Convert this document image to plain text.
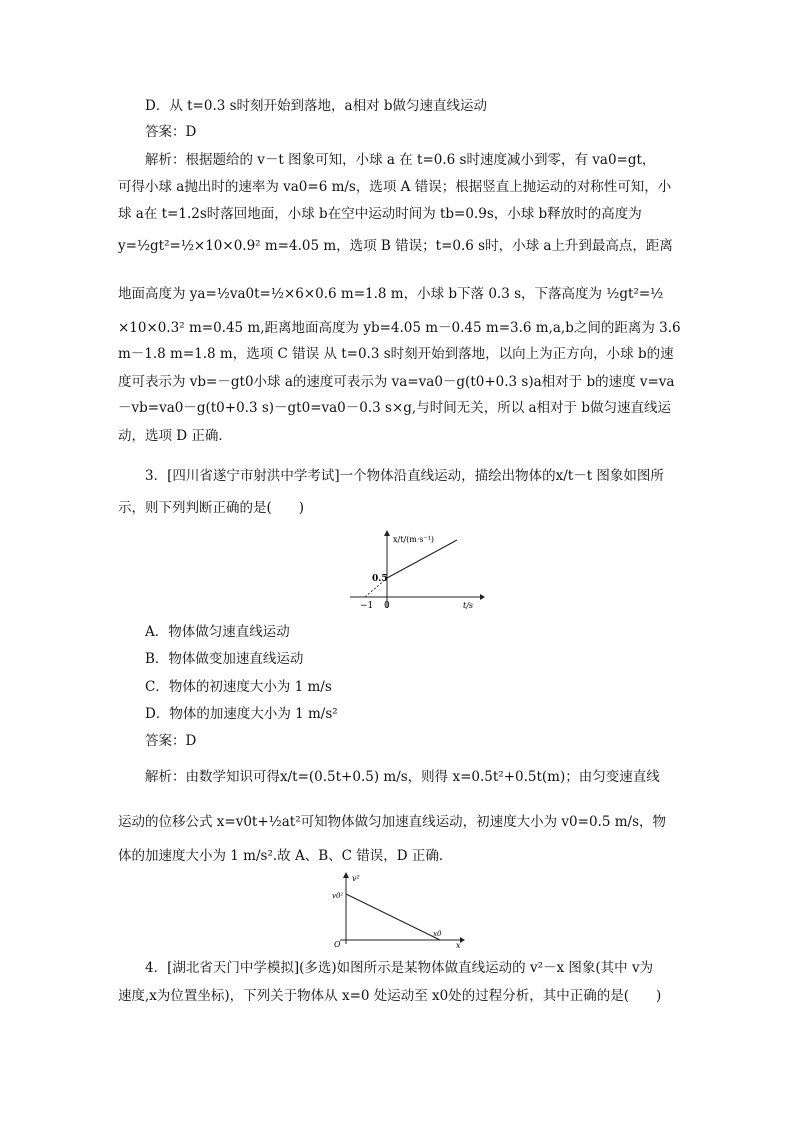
D．从 t=0.3 s时刻开始到落地，a相对 b做匀速直线运动
答案：D
解析：根据题给的 v－t 图象可知，小球 a 在 t=0.6 s时速度减小到零，有 va0=gt，
可得小球 a抛出时的速率为 va0=6 m/s，选项 A 错误；根据竖直上抛运动的对称性可知，小
球 a在 t=1.2s时落回地面，小球 b在空中运动时间为 tb=0.9s，小球 b释放时的高度为
y=½gt²=½×10×0.9² m=4.05 m，选项 B 错误；t=0.6 s时，小球 a上升到最高点，距离
地面高度为 ya=½va0t=½×6×0.6 m=1.8 m，小球 b下落 0.3 s，下落高度为 ½gt²=½
×10×0.3² m=0.45 m,距离地面高度为 yb=4.05 m－0.45 m=3.6 m,a,b之间的距离为 3.6
m－1.8 m=1.8 m，选项 C 错误 从 t=0.3 s时刻开始到落地，以向上为正方向，小球 b的速
度可表示为 vb=－gt0小球 a的速度可表示为 va=va0－g(t0+0.3 s)a相对于 b的速度 v=va
－vb=va0－g(t0+0.3 s)－gt0=va0－0.3 s×g,与时间无关，所以 a相对于 b做匀速直线运
动，选项 D 正确．
3．[四川省遂宁市射洪中学考试]一个物体沿直线运动，描绘出物体的x/t－t 图象如图所
示，则下列判断正确的是(　　)
x/t/(m·s⁻¹)
0.5
−1 0	t/s
A．物体做匀速直线运动
B．物体做变加速直线运动
C．物体的初速度大小为 1 m/s
D．物体的加速度大小为 1 m/s²
答案：D
解析：由数学知识可得x/t=(0.5t+0.5) m/s，则得 x=0.5t²+0.5t(m)；由匀变速直线
运动的位移公式 x=v0t+½at²可知物体做匀加速直线运动，初速度大小为 v0=0.5 m/s，物
体的加速度大小为 1 m/s².故 A、B、C 错误，D 正确．
v²
v0²
O
x0
x
4．[湖北省天门中学模拟](多选)如图所示是某物体做直线运动的 v²－x 图象(其中 v为
速度,x为位置坐标)，下列关于物体从 x=0 处运动至 x0处的过程分析，其中正确的是(　　)
